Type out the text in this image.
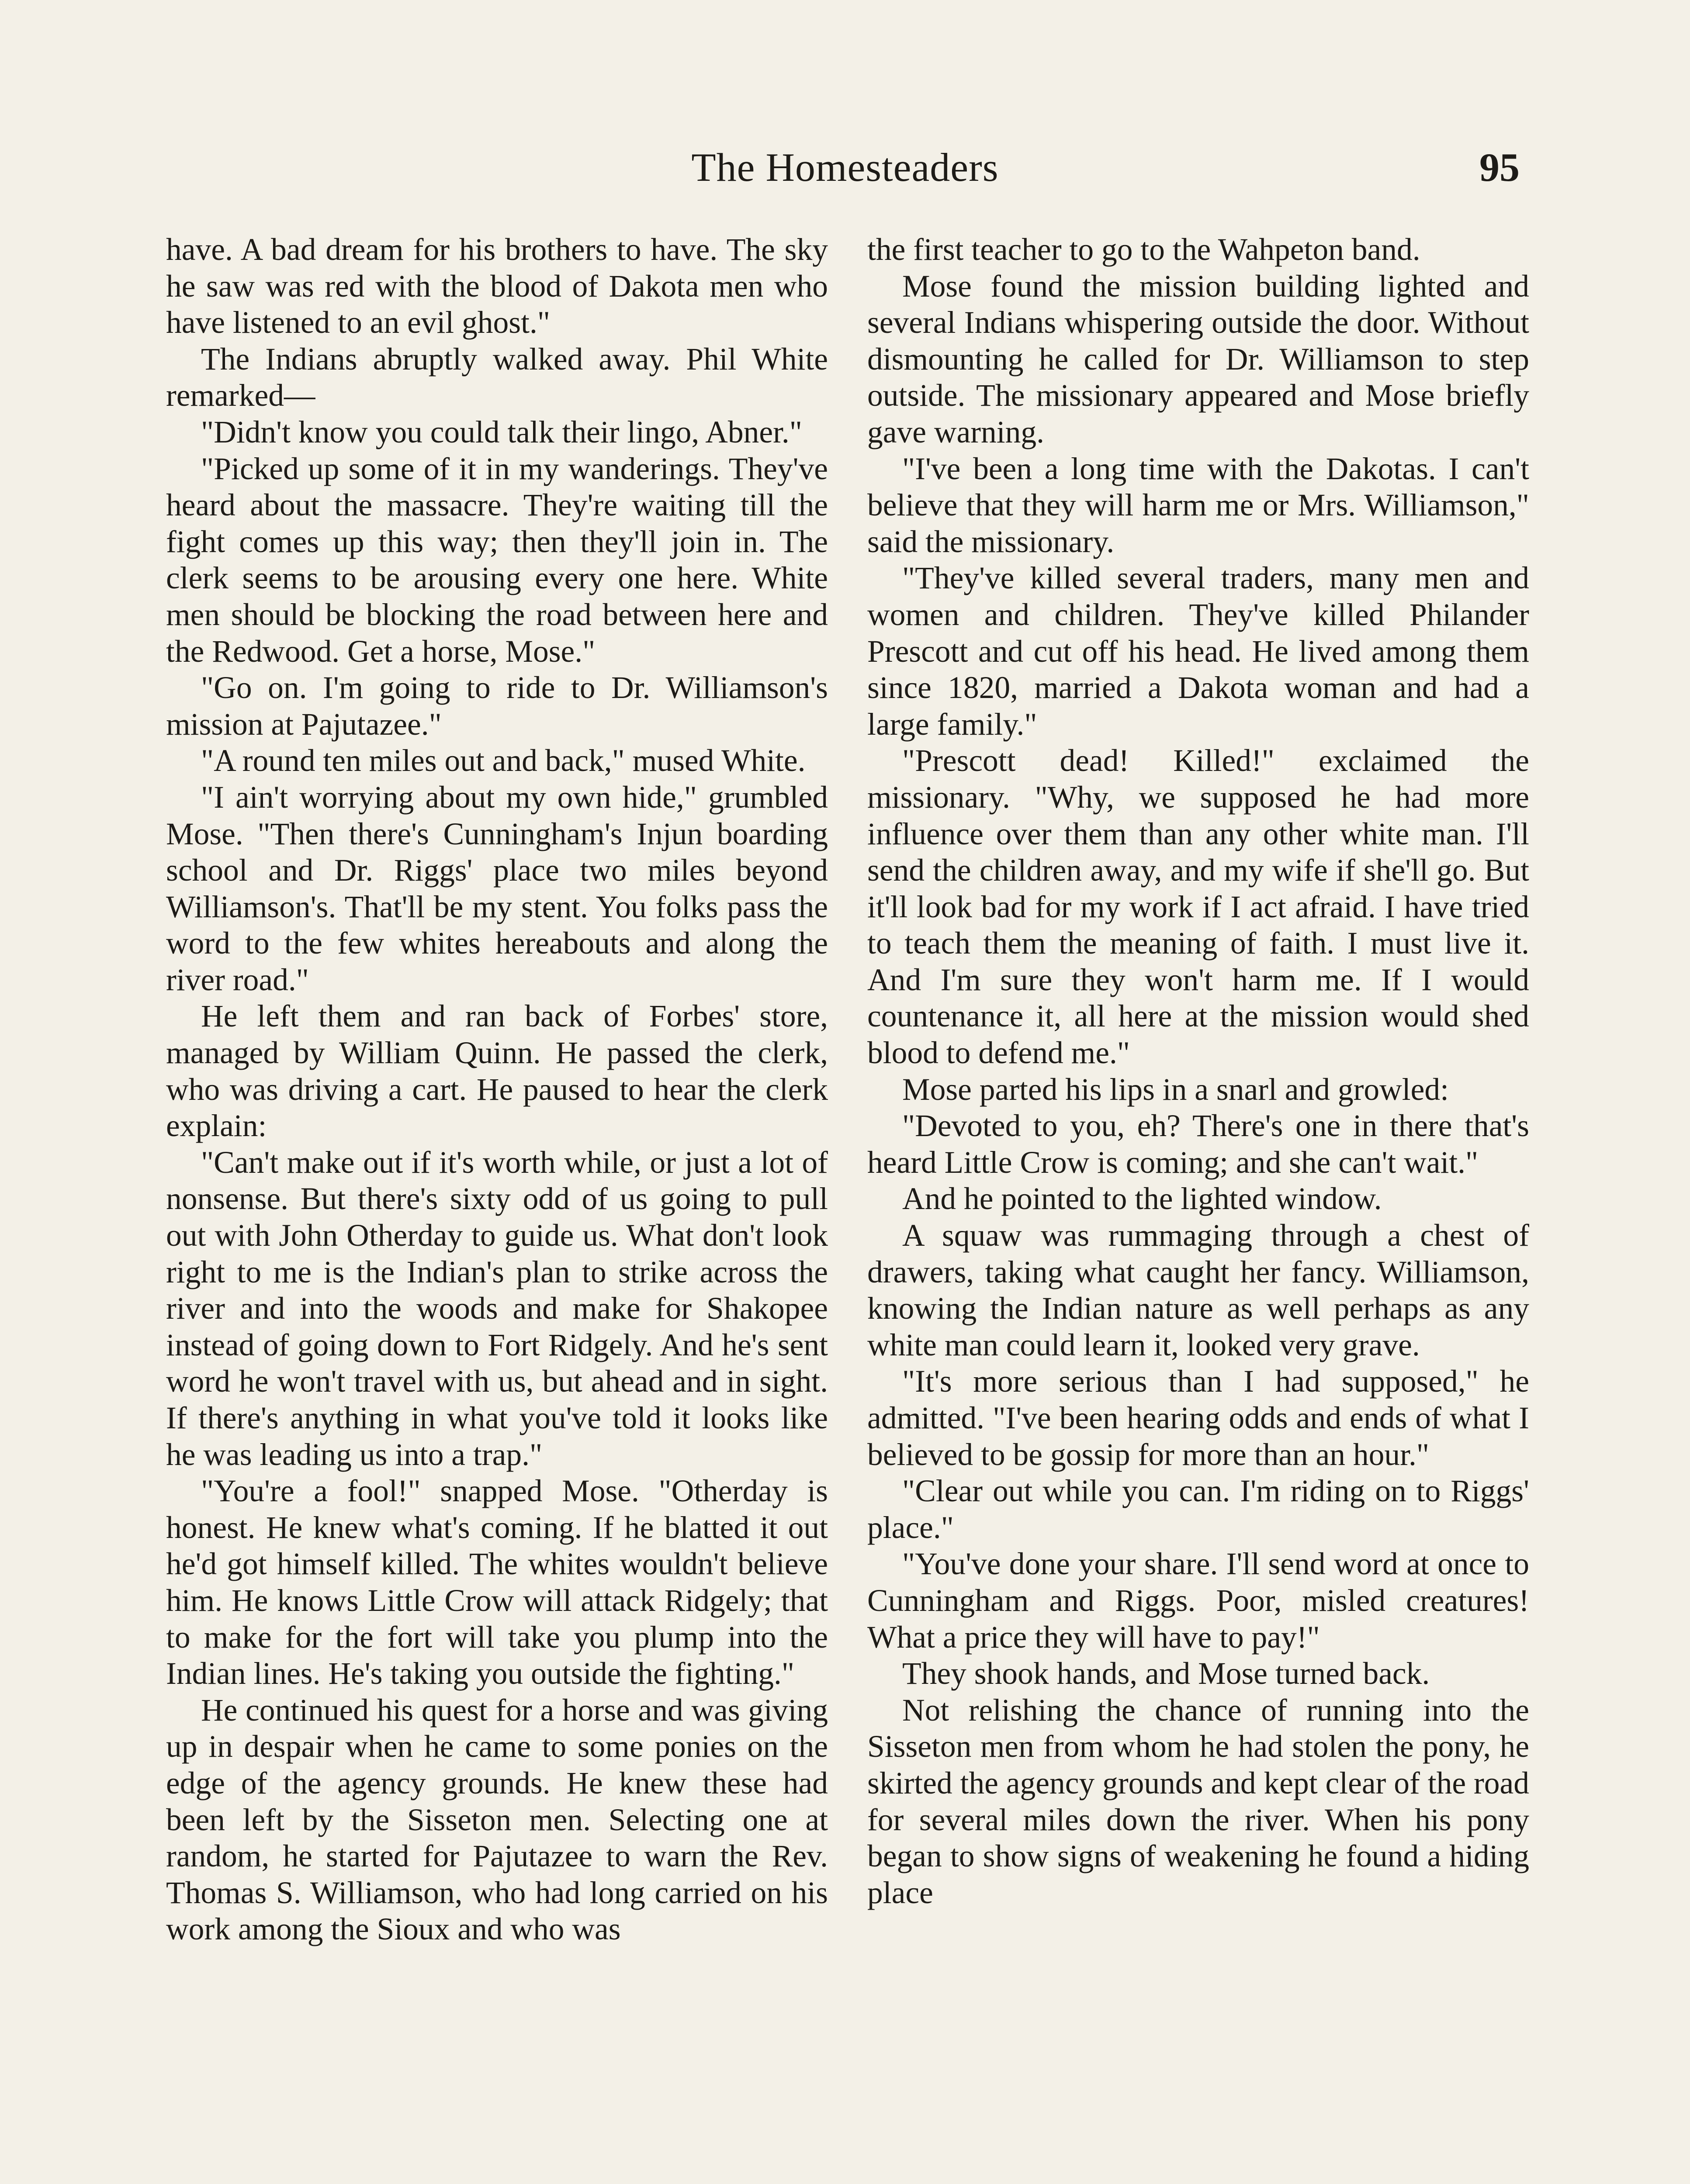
The Homesteaders	95

have. A bad dream for his brothers to have. The sky he saw was red with the blood of Dakota men who have listened to an evil ghost."

The Indians abruptly walked away. Phil White remarked—

"Didn't know you could talk their lingo, Abner."

"Picked up some of it in my wanderings. They've heard about the massacre. They're waiting till the fight comes up this way; then they'll join in. The clerk seems to be arousing every one here. White men should be blocking the road between here and the Redwood. Get a horse, Mose."

"Go on. I'm going to ride to Dr. Williamson's mission at Pajutazee."

"A round ten miles out and back," mused White.

"I ain't worrying about my own hide," grumbled Mose. "Then there's Cunningham's Injun boarding school and Dr. Riggs' place two miles beyond Williamson's. That'll be my stent. You folks pass the word to the few whites hereabouts and along the river road."

He left them and ran back of Forbes' store, managed by William Quinn. He passed the clerk, who was driving a cart. He paused to hear the clerk explain:

"Can't make out if it's worth while, or just a lot of nonsense. But there's sixty odd of us going to pull out with John Otherday to guide us. What don't look right to me is the Indian's plan to strike across the river and into the woods and make for Shakopee instead of going down to Fort Ridgely. And he's sent word he won't travel with us, but ahead and in sight. If there's anything in what you've told it looks like he was leading us into a trap."

"You're a fool!" snapped Mose. "Otherday is honest. He knew what's coming. If he blatted it out he'd got himself killed. The whites wouldn't believe him. He knows Little Crow will attack Ridgely; that to make for the fort will take you plump into the Indian lines. He's taking you outside the fighting."

He continued his quest for a horse and was giving up in despair when he came to some ponies on the edge of the agency grounds. He knew these had been left by the Sisseton men. Selecting one at random, he started for Pajutazee to warn the Rev. Thomas S. Williamson, who had long carried on his work among the Sioux and who was

the first teacher to go to the Wahpeton band.

Mose found the mission building lighted and several Indians whispering outside the door. Without dismounting he called for Dr. Williamson to step outside. The missionary appeared and Mose briefly gave warning.

"I've been a long time with the Dakotas. I can't believe that they will harm me or Mrs. Williamson," said the missionary.

"They've killed several traders, many men and women and children. They've killed Philander Prescott and cut off his head. He lived among them since 1820, married a Dakota woman and had a large family."

"Prescott dead! Killed!" exclaimed the missionary. "Why, we supposed he had more influence over them than any other white man. I'll send the children away, and my wife if she'll go. But it'll look bad for my work if I act afraid. I have tried to teach them the meaning of faith. I must live it. And I'm sure they won't harm me. If I would countenance it, all here at the mission would shed blood to defend me."

Mose parted his lips in a snarl and growled:

"Devoted to you, eh? There's one in there that's heard Little Crow is coming; and she can't wait."

And he pointed to the lighted window.

A squaw was rummaging through a chest of drawers, taking what caught her fancy. Williamson, knowing the Indian nature as well perhaps as any white man could learn it, looked very grave.

"It's more serious than I had supposed," he admitted. "I've been hearing odds and ends of what I believed to be gossip for more than an hour."

"Clear out while you can. I'm riding on to Riggs' place."

"You've done your share. I'll send word at once to Cunningham and Riggs. Poor, misled creatures! What a price they will have to pay!"

They shook hands, and Mose turned back.

Not relishing the chance of running into the Sisseton men from whom he had stolen the pony, he skirted the agency grounds and kept clear of the road for several miles down the river. When his pony began to show signs of weakening he found a hiding place
